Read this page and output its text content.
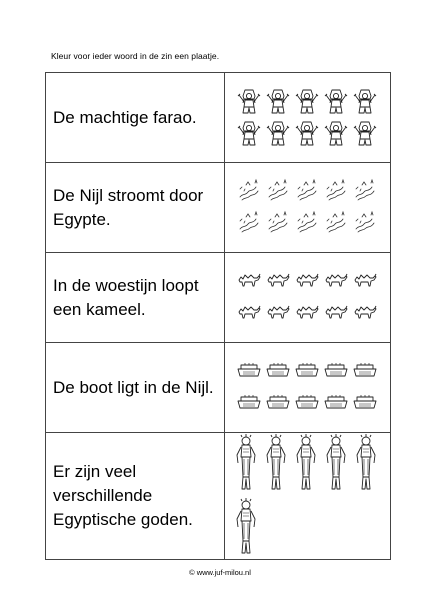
Kleur voor ieder woord in de zin een plaatje.
De machtige farao.

De Nijl stroomt door Egypte.

In de woestijn loopt een kameel.

De boot ligt in de Nijl.

Er zijn veel verschillende Egyptische goden.

© www.juf-milou.nl
